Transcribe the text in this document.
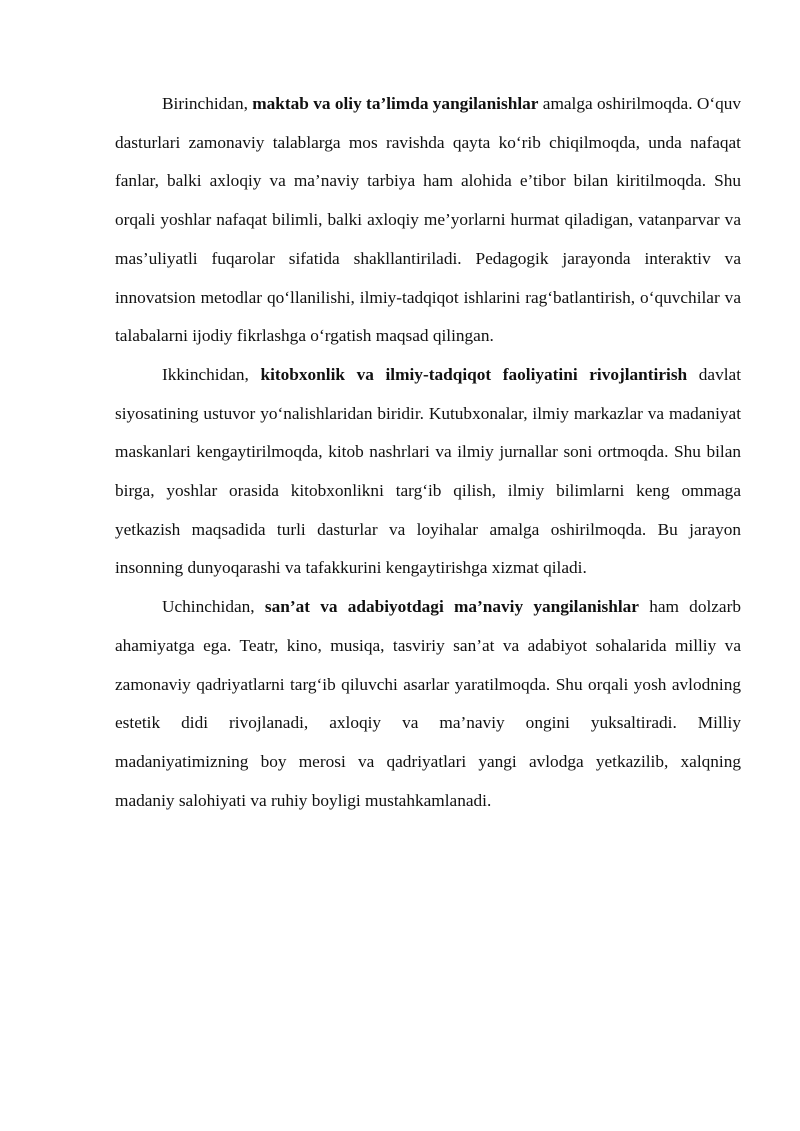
Birinchidan, maktab va oliy ta’limda yangilanishlar amalga oshirilmoqda. O‘quv dasturlari zamonaviy talablarga mos ravishda qayta ko‘rib chiqilmoqda, unda nafaqat fanlar, balki axloqiy va ma’naviy tarbiya ham alohida e’tibor bilan kiritilmoqda. Shu orqali yoshlar nafaqat bilimli, balki axloqiy me’yorlarni hurmat qiladigan, vatanparvar va mas’uliyatli fuqarolar sifatida shakllantiriladi. Pedagogik jarayonda interaktiv va innovatsion metodlar qo‘llanilishi, ilmiy-tadqiqot ishlarini rag‘batlantirish, o‘quvchilar va talabalarni ijodiy fikrlashga o‘rgatish maqsad qilingan.

Ikkinchidan, kitobxonlik va ilmiy-tadqiqot faoliyatini rivojlantirish davlat siyosatining ustuvor yo‘nalishlaridan biridir. Kutubxonalar, ilmiy markazlar va madaniyat maskanlari kengaytirilmoqda, kitob nashrlari va ilmiy jurnallar soni ortmoqda. Shu bilan birga, yoshlar orasida kitobxonlikni targ‘ib qilish, ilmiy bilimlarni keng ommaga yetkazish maqsadida turli dasturlar va loyihalar amalga oshirilmoqda. Bu jarayon insonning dunyoqarashi va tafakkurini kengaytirishga xizmat qiladi.

Uchinchidan, san’at va adabiyotdagi ma’naviy yangilanishlar ham dolzarb ahamiyatga ega. Teatr, kino, musiqa, tasviriy san’at va adabiyot sohalarida milliy va zamonaviy qadriyatlarni targ‘ib qiluvchi asarlar yaratilmoqda. Shu orqali yosh avlodning estetik didi rivojlanadi, axloqiy va ma’naviy ongini yuksaltiradi. Milliy madaniyatimizning boy merosi va qadriyatlari yangi avlodga yetkazilib, xalqning madaniy salohiyati va ruhiy boyligi mustahkamlanadi.
